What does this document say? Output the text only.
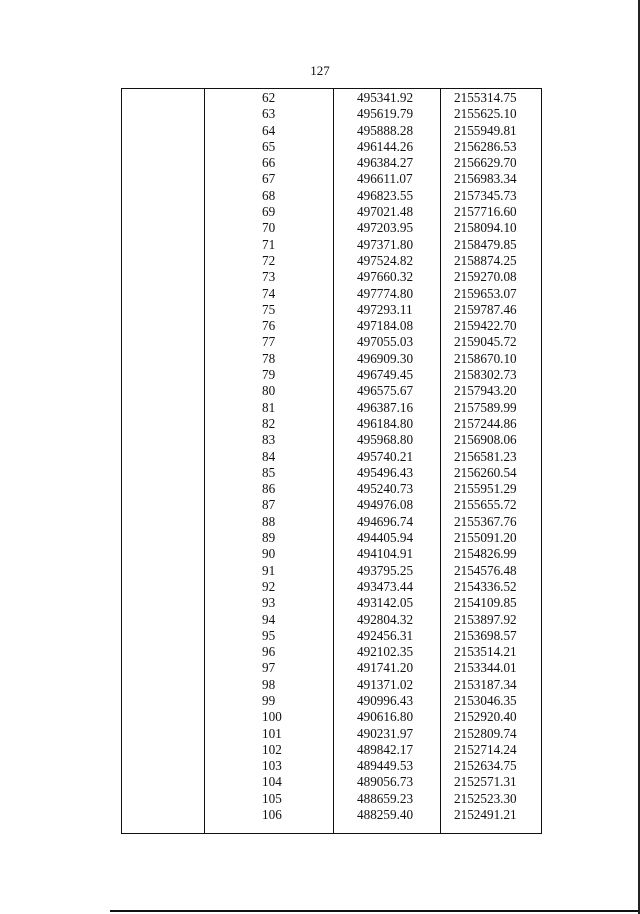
127
62	495341.92	2155314.75
63	495619.79	2155625.10
64	495888.28	2155949.81
65	496144.26	2156286.53
66	496384.27	2156629.70
67	496611.07	2156983.34
68	496823.55	2157345.73
69	497021.48	2157716.60
70	497203.95	2158094.10
71	497371.80	2158479.85
72	497524.82	2158874.25
73	497660.32	2159270.08
74	497774.80	2159653.07
75	497293.11	2159787.46
76	497184.08	2159422.70
77	497055.03	2159045.72
78	496909.30	2158670.10
79	496749.45	2158302.73
80	496575.67	2157943.20
81	496387.16	2157589.99
82	496184.80	2157244.86
83	495968.80	2156908.06
84	495740.21	2156581.23
85	495496.43	2156260.54
86	495240.73	2155951.29
87	494976.08	2155655.72
88	494696.74	2155367.76
89	494405.94	2155091.20
90	494104.91	2154826.99
91	493795.25	2154576.48
92	493473.44	2154336.52
93	493142.05	2154109.85
94	492804.32	2153897.92
95	492456.31	2153698.57
96	492102.35	2153514.21
97	491741.20	2153344.01
98	491371.02	2153187.34
99	490996.43	2153046.35
100	490616.80	2152920.40
101	490231.97	2152809.74
102	489842.17	2152714.24
103	489449.53	2152634.75
104	489056.73	2152571.31
105	488659.23	2152523.30
106	488259.40	2152491.21
